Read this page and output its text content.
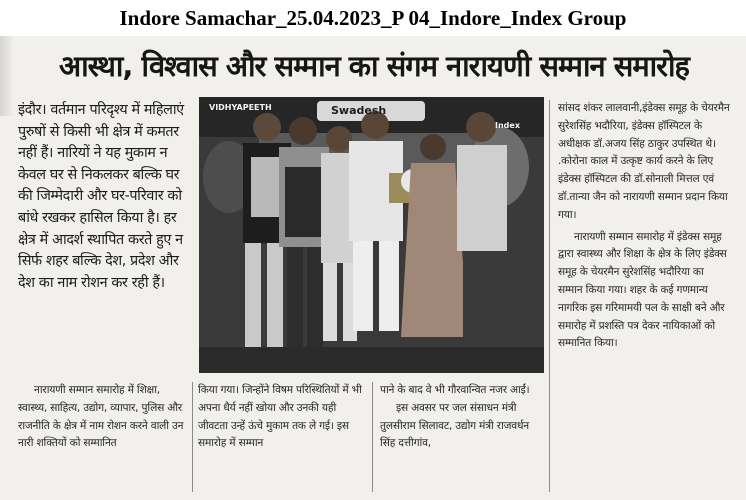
Indore Samachar_25.04.2023_P 04_Indore_Index Group
आस्था, विश्वास और सम्मान का संगम नारायणी सम्मान समारोह

इंदौर। वर्तमान परिदृश्य में महिलाएं पुरुषों से किसी भी क्षेत्र में कमतर नहीं हैं। नारियों ने यह मुकाम न केवल घर से निकलकर बल्कि घर की जिम्मेदारी और घर-परिवार को बांधे रखकर हासिल किया है। हर क्षेत्र में आदर्श स्थापित करते हुए न सिर्फ शहर बल्कि देश, प्रदेश और देश का नाम रोशन कर रही हैं।

VIDHYAPEETH	Swadesh
Index

सांसद शंकर लालवानी,इंडेक्स समूह के चेयरमैन सुरेशसिंह भदौरिया, इंडेक्स हॉस्पिटल के अधीक्षक डॉ.अजय सिंह ठाकुर उपस्थित थे। .कोरोना काल में उत्कृष्ट कार्य करने के लिए इंडेक्स हॉस्पिटल की डॉ.सोनाली मित्तल एवं डॉ.तान्या जैन को नारायणी सम्मान प्रदान किया गया।

नारायणी सम्मान समारोह में इंडेक्स समूह द्वारा स्वास्थ्य और शिक्षा के क्षेत्र के लिए इंडेक्स समूह के चेयरमैन सुरेशसिंह भदौरिया का सम्मान किया गया। शहर के कई गणमान्य नागरिक इस गरिमामयी पल के साक्षी बने और समारोह में प्रशस्ति पत्र देकर नायिकाओं को सम्मानित किया।

नारायणी सम्मान समारोह में शिक्षा, स्वास्थ्य, साहित्य, उद्योग, व्यापार, पुलिस और राजनीति के क्षेत्र में नाम रोशन करने वाली उन नारी शक्तियों को सम्मानित
किया गया। जिन्होंने विषम परिस्थितियों में भी अपना धैर्य नहीं खोया और उनकी यही जीवटता उन्हें ऊंचे मुकाम तक ले गई। इस समारोह में सम्मान

पाने के बाद वे भी गौरवान्वित नजर आईं।

इस अवसर पर जल संसाधन मंत्री तुलसीराम सिलावट, उद्योग मंत्री राजवर्धन सिंह दत्तीगांव,
